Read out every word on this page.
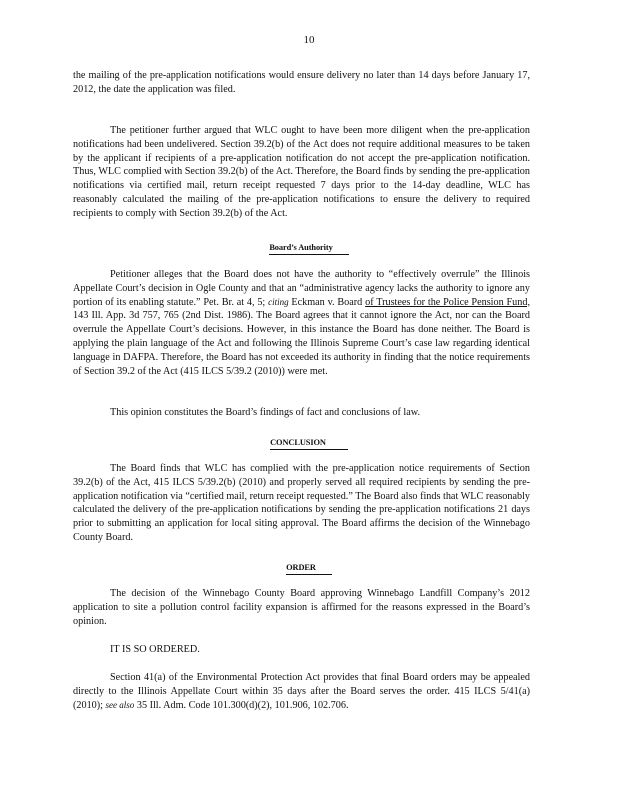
10

the mailing of the pre-application notifications would ensure delivery no later than 14 days before January 17, 2012, the date the application was filed.

The petitioner further argued that WLC ought to have been more diligent when the pre-application notifications had been undelivered. Section 39.2(b) of the Act does not require additional measures to be taken by the applicant if recipients of a pre-application notification do not accept the pre-application notification. Thus, WLC complied with Section 39.2(b) of the Act. Therefore, the Board finds by sending the pre-application notifications via certified mail, return receipt requested 7 days prior to the 14-day deadline, WLC has reasonably calculated the mailing of the pre-application notifications to ensure the delivery to required recipients to comply with Section 39.2(b) of the Act.

Board’s Authority

Petitioner alleges that the Board does not have the authority to “effectively overrule” the Illinois Appellate Court’s decision in Ogle County and that an “administrative agency lacks the authority to ignore any portion of its enabling statute.” Pet. Br. at 4, 5; citing Eckman v. Board of Trustees for the Police Pension Fund, 143 Ill. App. 3d 757, 765 (2nd Dist. 1986). The Board agrees that it cannot ignore the Act, nor can the Board overrule the Appellate Court’s decisions. However, in this instance the Board has done neither. The Board is applying the plain language of the Act and following the Illinois Supreme Court’s case law regarding identical language in DAFPA. Therefore, the Board has not exceeded its authority in finding that the notice requirements of Section 39.2 of the Act (415 ILCS 5/39.2 (2010)) were met.

This opinion constitutes the Board’s findings of fact and conclusions of law.

CONCLUSION

The Board finds that WLC has complied with the pre-application notice requirements of Section 39.2(b) of the Act, 415 ILCS 5/39.2(b) (2010) and properly served all required recipients by sending the pre-application notification via “certified mail, return receipt requested.” The Board also finds that WLC reasonably calculated the delivery of the pre-application notifications by sending the pre-application notifications 21 days prior to submitting an application for local siting approval. The Board affirms the decision of the Winnebago County Board.

ORDER

The decision of the Winnebago County Board approving Winnebago Landfill Company’s 2012 application to site a pollution control facility expansion is affirmed for the reasons expressed in the Board’s opinion.

IT IS SO ORDERED.

Section 41(a) of the Environmental Protection Act provides that final Board orders may be appealed directly to the Illinois Appellate Court within 35 days after the Board serves the order. 415 ILCS 5/41(a) (2010); see also 35 Ill. Adm. Code 101.300(d)(2), 101.906, 102.706.
